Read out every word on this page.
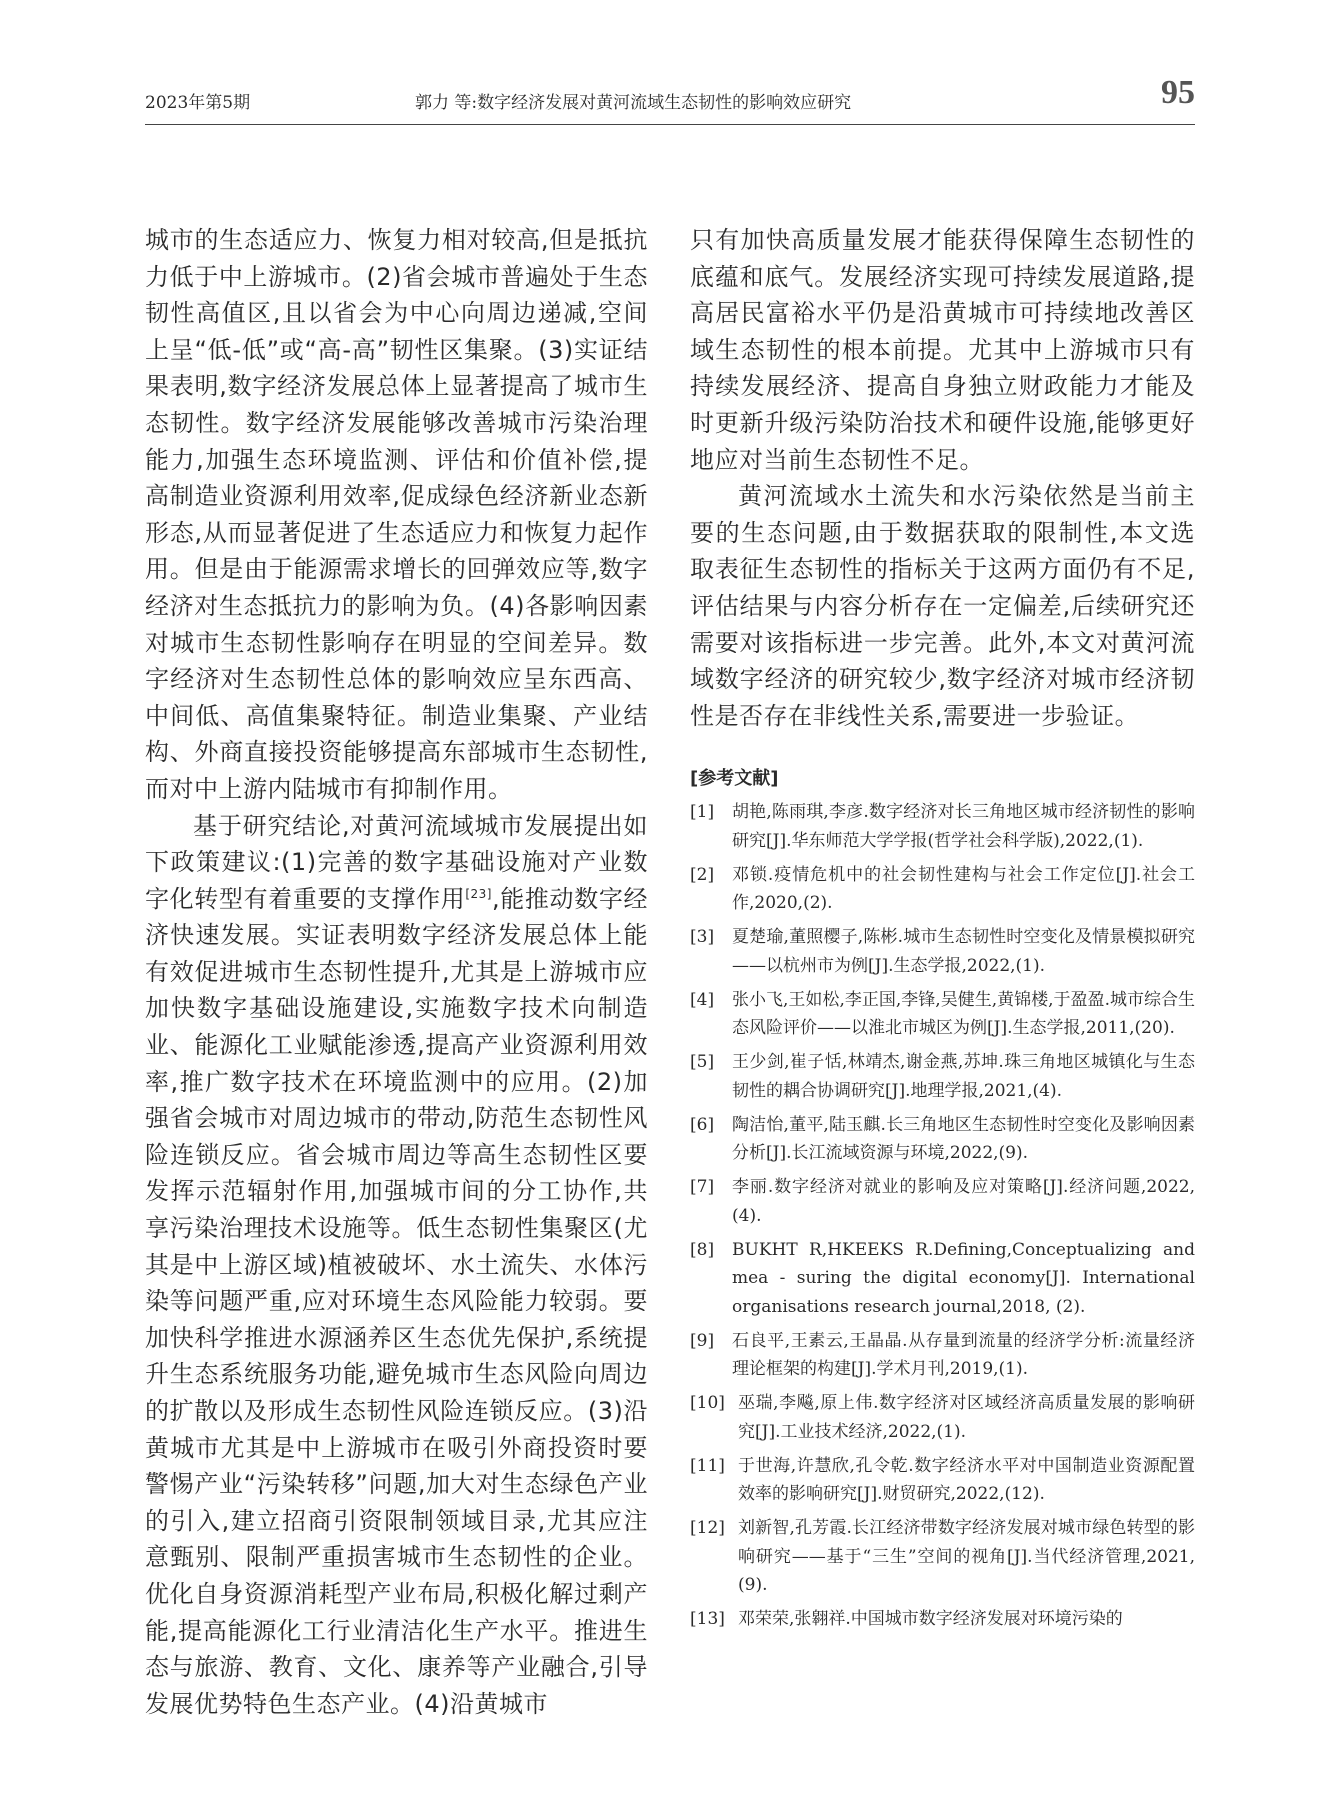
2023年第5期	郭力 等:数字经济发展对黄河流域生态韧性的影响效应研究	95

城市的生态适应力、恢复力相对较高,但是抵抗力低于中上游城市。(2)省会城市普遍处于生态韧性高值区,且以省会为中心向周边递减,空间上呈“低-低”或“高-高”韧性区集聚。(3)实证结果表明,数字经济发展总体上显著提高了城市生态韧性。数字经济发展能够改善城市污染治理能力,加强生态环境监测、评估和价值补偿,提高制造业资源利用效率,促成绿色经济新业态新形态,从而显著促进了生态适应力和恢复力起作用。但是由于能源需求增长的回弹效应等,数字经济对生态抵抗力的影响为负。(4)各影响因素对城市生态韧性影响存在明显的空间差异。数字经济对生态韧性总体的影响效应呈东西高、中间低、高值集聚特征。制造业集聚、产业结构、外商直接投资能够提高东部城市生态韧性,而对中上游内陆城市有抑制作用。

基于研究结论,对黄河流域城市发展提出如下政策建议:(1)完善的数字基础设施对产业数字化转型有着重要的支撑作用[23],能推动数字经济快速发展。实证表明数字经济发展总体上能有效促进城市生态韧性提升,尤其是上游城市应加快数字基础设施建设,实施数字技术向制造业、能源化工业赋能渗透,提高产业资源利用效率,推广数字技术在环境监测中的应用。(2)加强省会城市对周边城市的带动,防范生态韧性风险连锁反应。省会城市周边等高生态韧性区要发挥示范辐射作用,加强城市间的分工协作,共享污染治理技术设施等。低生态韧性集聚区(尤其是中上游区域)植被破坏、水土流失、水体污染等问题严重,应对环境生态风险能力较弱。要加快科学推进水源涵养区生态优先保护,系统提升生态系统服务功能,避免城市生态风险向周边的扩散以及形成生态韧性风险连锁反应。(3)沿黄城市尤其是中上游城市在吸引外商投资时要警惕产业“污染转移”问题,加大对生态绿色产业的引入,建立招商引资限制领域目录,尤其应注意甄别、限制严重损害城市生态韧性的企业。优化自身资源消耗型产业布局,积极化解过剩产能,提高能源化工行业清洁化生产水平。推进生态与旅游、教育、文化、康养等产业融合,引导发展优势特色生态产业。(4)沿黄城市

只有加快高质量发展才能获得保障生态韧性的底蕴和底气。发展经济实现可持续发展道路,提高居民富裕水平仍是沿黄城市可持续地改善区域生态韧性的根本前提。尤其中上游城市只有持续发展经济、提高自身独立财政能力才能及时更新升级污染防治技术和硬件设施,能够更好地应对当前生态韧性不足。

黄河流域水土流失和水污染依然是当前主要的生态问题,由于数据获取的限制性,本文选取表征生态韧性的指标关于这两方面仍有不足,评估结果与内容分析存在一定偏差,后续研究还需要对该指标进一步完善。此外,本文对黄河流域数字经济的研究较少,数字经济对城市经济韧性是否存在非线性关系,需要进一步验证。

[参考文献]
[1] 胡艳,陈雨琪,李彦.数字经济对长三角地区城市经济韧性的影响研究[J].华东师范大学学报(哲学社会科学版),2022,(1).
[2] 邓锁.疫情危机中的社会韧性建构与社会工作定位[J].社会工作,2020,(2).
[3] 夏楚瑜,董照樱子,陈彬.城市生态韧性时空变化及情景模拟研究——以杭州市为例[J].生态学报,2022,(1).
[4] 张小飞,王如松,李正国,李锋,吴健生,黄锦楼,于盈盈.城市综合生态风险评价——以淮北市城区为例[J].生态学报,2011,(20).
[5] 王少剑,崔子恬,林靖杰,谢金燕,苏坤.珠三角地区城镇化与生态韧性的耦合协调研究[J].地理学报,2021,(4).
[6] 陶洁怡,董平,陆玉麒.长三角地区生态韧性时空变化及影响因素分析[J].长江流域资源与环境,2022,(9).
[7] 李丽.数字经济对就业的影响及应对策略[J].经济问题,2022,(4).
[8] BUKHT R,HKEEKS R.Defining,Conceptualizing and mea - suring the digital economy[J]. International organisations research journal,2018, (2).
[9] 石良平,王素云,王晶晶.从存量到流量的经济学分析:流量经济理论框架的构建[J].学术月刊,2019,(1).
[10] 巫瑞,李飚,原上伟.数字经济对区域经济高质量发展的影响研究[J].工业技术经济,2022,(1).
[11] 于世海,许慧欣,孔令乾.数字经济水平对中国制造业资源配置效率的影响研究[J].财贸研究,2022,(12).
[12] 刘新智,孔芳霞.长江经济带数字经济发展对城市绿色转型的影响研究——基于“三生”空间的视角[J].当代经济管理,2021,(9).
[13] 邓荣荣,张翱祥.中国城市数字经济发展对环境污染的
